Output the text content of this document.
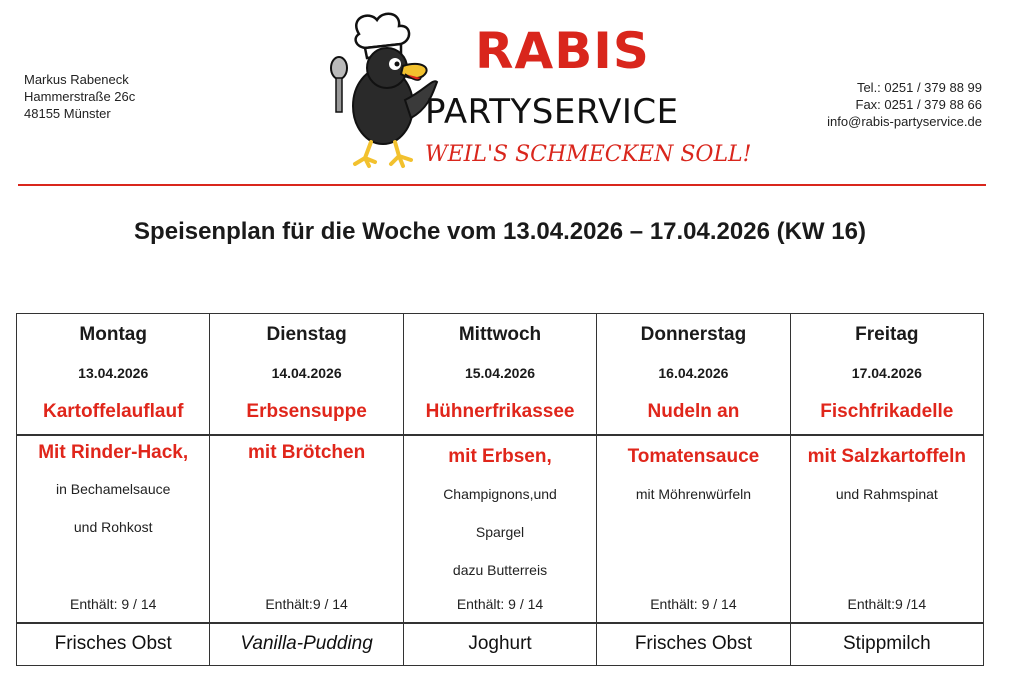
Markus Rabeneck
Hammerstraße 26c
48155 Münster
RABIS
PARTYSERVICE
WEIL'S SCHMECKEN SOLL!
Tel.: 0251 / 379 88 99
Fax: 0251 / 379 88 66
info@rabis-partyservice.de
Speisenplan für die Woche vom 13.04.2026 – 17.04.2026 (KW 16)
Montag
13.04.2026
Kartoffelauflauf
Mit Rinder-Hack,
in Bechamelsauce
und Rohkost
Enthält: 9 / 14
Frisches Obst
Dienstag
14.04.2026
Erbsensuppe
mit Brötchen
Enthält:9 / 14
Vanilla-Pudding
Mittwoch
15.04.2026
Hühnerfrikassee
mit Erbsen,
Champignons,und
Spargel
dazu Butterreis
Enthält: 9 / 14
Joghurt
Donnerstag
16.04.2026
Nudeln an
Tomatensauce
mit Möhrenwürfeln
Enthält: 9 / 14
Frisches Obst
Freitag
17.04.2026
Fischfrikadelle
mit Salzkartoffeln
und Rahmspinat
Enthält:9 /14
Stippmilch
